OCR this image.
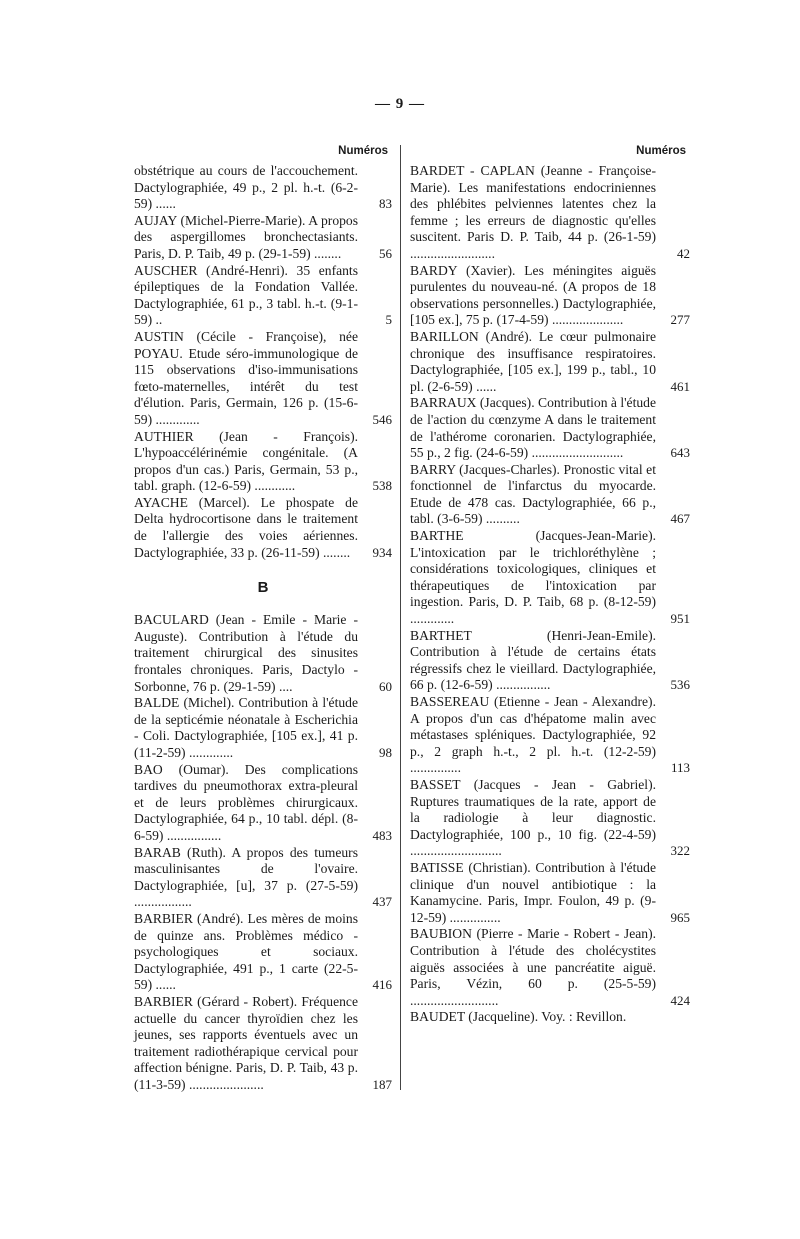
— 9 —
Numéros
obstétrique au cours de l'accouchement. Dactylographiée, 49 p., 2 pl. h.-t. (6-2-59) ......	83
AUJAY (Michel-Pierre-Marie). A propos des aspergillomes bronchectasiants. Paris, D. P. Taib, 49 p. (29-1-59) ........	56
AUSCHER (André-Henri). 35 enfants épileptiques de la Fondation Vallée. Dactylographiée, 61 p., 3 tabl. h.-t. (9-1-59) ..	5
AUSTIN (Cécile - Françoise), née POYAU. Etude séro-immunologique de 115 observations d'iso-immunisations fœto-maternelles, intérêt du test d'élution. Paris, Germain, 126 p. (15-6-59) .............	546
AUTHIER (Jean - François). L'hypoaccélérinémie congénitale. (A propos d'un cas.) Paris, Germain, 53 p., tabl. graph. (12-6-59) ............	538
AYACHE (Marcel). Le phospate de Delta hydrocortisone dans le traitement de l'allergie des voies aériennes. Dactylographiée, 33 p. (26-11-59) ........	934
B
BACULARD (Jean - Emile - Marie - Auguste). Contribution à l'étude du traitement chirurgical des sinusites frontales chroniques. Paris, Dactylo - Sorbonne, 76 p. (29-1-59) ....	60
BALDE (Michel). Contribution à l'étude de la septicémie néonatale à Escherichia - Coli. Dactylographiée, [105 ex.], 41 p. (11-2-59) .............	98
BAO (Oumar). Des complications tardives du pneumothorax extra-pleural et de leurs problèmes chirurgicaux. Dactylographiée, 64 p., 10 tabl. dépl. (8-6-59) ................	483
BARAB (Ruth). A propos des tumeurs masculinisantes de l'ovaire. Dactylographiée, [u], 37 p. (27-5-59) .................	437
BARBIER (André). Les mères de moins de quinze ans. Problèmes médico - psychologiques et sociaux. Dactylographiée, 491 p., 1 carte (22-5-59) ......	416
BARBIER (Gérard - Robert). Fréquence actuelle du cancer thyroïdien chez les jeunes, ses rapports éventuels avec un traitement radiothérapique cervical pour affection bénigne. Paris, D. P. Taib, 43 p. (11-3-59) ......................	187
Numéros
BARDET - CAPLAN (Jeanne - Françoise-Marie). Les manifestations endocriniennes des phlébites pelviennes latentes chez la femme ; les erreurs de diagnostic qu'elles suscitent. Paris D. P. Taib, 44 p. (26-1-59) .........................	42
BARDY (Xavier). Les méningites aiguës purulentes du nouveau-né. (A propos de 18 observations personnelles.) Dactylographiée, [105 ex.], 75 p. (17-4-59) .....................	277
BARILLON (André). Le cœur pulmonaire chronique des insuffisance respiratoires. Dactylographiée, [105 ex.], 199 p., tabl., 10 pl. (2-6-59) ......	461
BARRAUX (Jacques). Contribution à l'étude de l'action du cœnzyme A dans le traitement de l'athérome coronarien. Dactylographiée, 55 p., 2 fig. (24-6-59) ...........................	643
BARRY (Jacques-Charles). Pronostic vital et fonctionnel de l'infarctus du myocarde. Etude de 478 cas. Dactylographiée, 66 p., tabl. (3-6-59) ..........	467
BARTHE (Jacques-Jean-Marie). L'intoxication par le trichloréthylène ; considérations toxicologiques, cliniques et thérapeutiques de l'intoxication par ingestion. Paris, D. P. Taib, 68 p. (8-12-59) .............	951
BARTHET (Henri-Jean-Emile). Contribution à l'étude de certains états régressifs chez le vieillard. Dactylographiée, 66 p. (12-6-59) ................	536
BASSEREAU (Etienne - Jean - Alexandre). A propos d'un cas d'hépatome malin avec métastases spléniques. Dactylographiée, 92 p., 2 graph h.-t., 2 pl. h.-t. (12-2-59) ...............	113
BASSET (Jacques - Jean - Gabriel). Ruptures traumatiques de la rate, apport de la radiologie à leur diagnostic. Dactylographiée, 100 p., 10 fig. (22-4-59) ...........................	322
BATISSE (Christian). Contribution à l'étude clinique d'un nouvel antibiotique : la Kanamycine. Paris, Impr. Foulon, 49 p. (9-12-59) ...............	965
BAUBION (Pierre - Marie - Robert - Jean). Contribution à l'étude des cholécystites aiguës associées à une pancréatite aiguë. Paris, Vézin, 60 p. (25-5-59) ..........................	424
BAUDET (Jacqueline). Voy. : Revillon.
